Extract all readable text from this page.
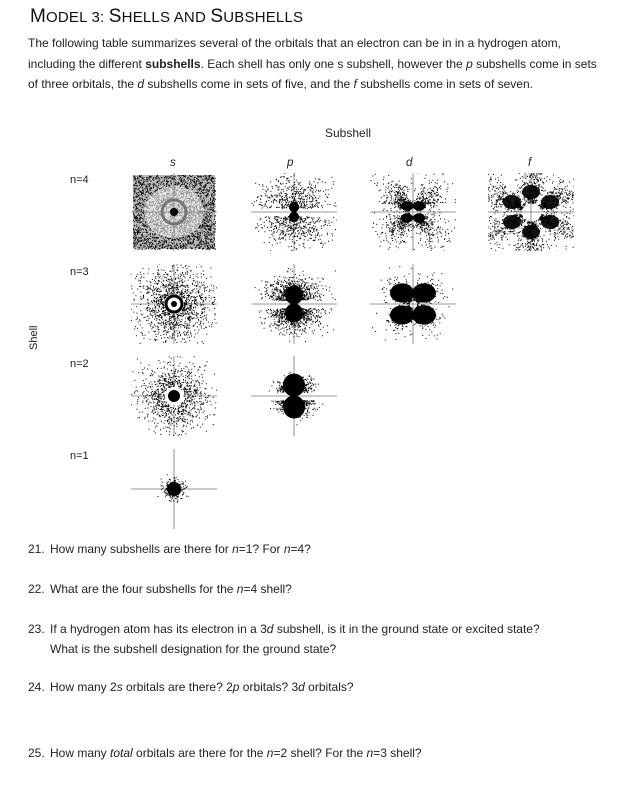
MODEL 3: SHELLS AND SUBSHELLS
The following table summarizes several of the orbitals that an electron can be in in a hydrogen atom, including the different subshells. Each shell has only one s subshell, however the p subshells come in sets of three orbitals, the d subshells come in sets of five, and the f subshells come in sets of seven.
Subshell
s	p	d	f
n=4
n=3
n=2
n=1
Shell
21. How many subshells are there for n=1? For n=4?
22. What are the four subshells for the n=4 shell?
23. If a hydrogen atom has its electron in a 3d subshell, is it in the ground state or excited state?
What is the subshell designation for the ground state?
24. How many 2s orbitals are there? 2p orbitals? 3d orbitals?
25. How many total orbitals are there for the n=2 shell? For the n=3 shell?
